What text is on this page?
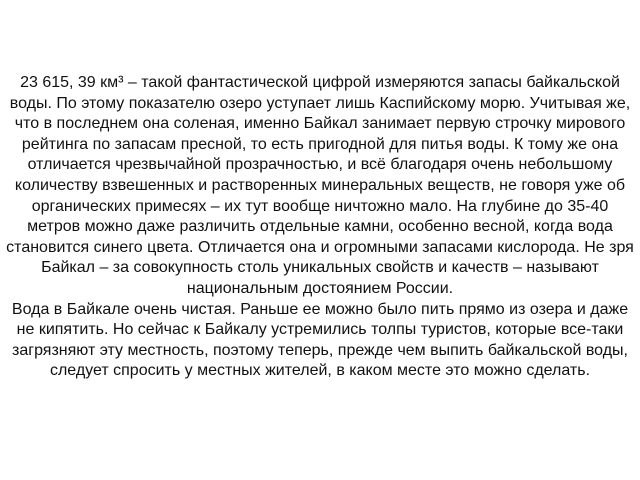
23 615, 39 км³ – такой фантастической цифрой измеряются запасы байкальской воды. По этому показателю озеро уступает лишь Каспийскому морю. Учитывая же, что в последнем она соленая, именно Байкал занимает первую строчку мирового рейтинга по запасам пресной, то есть пригодной для питья воды. К тому же она отличается чрезвычайной прозрачностью, и всё благодаря очень небольшому количеству взвешенных и растворенных минеральных веществ, не говоря уже об органических примесях – их тут вообще ничтожно мало. На глубине до 35-40 метров можно даже различить отдельные камни, особенно весной, когда вода становится синего цвета. Отличается она и огромными запасами кислорода. Не зря Байкал – за совокупность столь уникальных свойств и качеств – называют национальным достоянием России.

Вода в Байкале очень чистая. Раньше ее можно было пить прямо из озера и даже не кипятить. Но сейчас к Байкалу устремились толпы туристов, которые все-таки загрязняют эту местность, поэтому теперь, прежде чем выпить байкальской воды, следует спросить у местных жителей, в каком месте это можно сделать.
